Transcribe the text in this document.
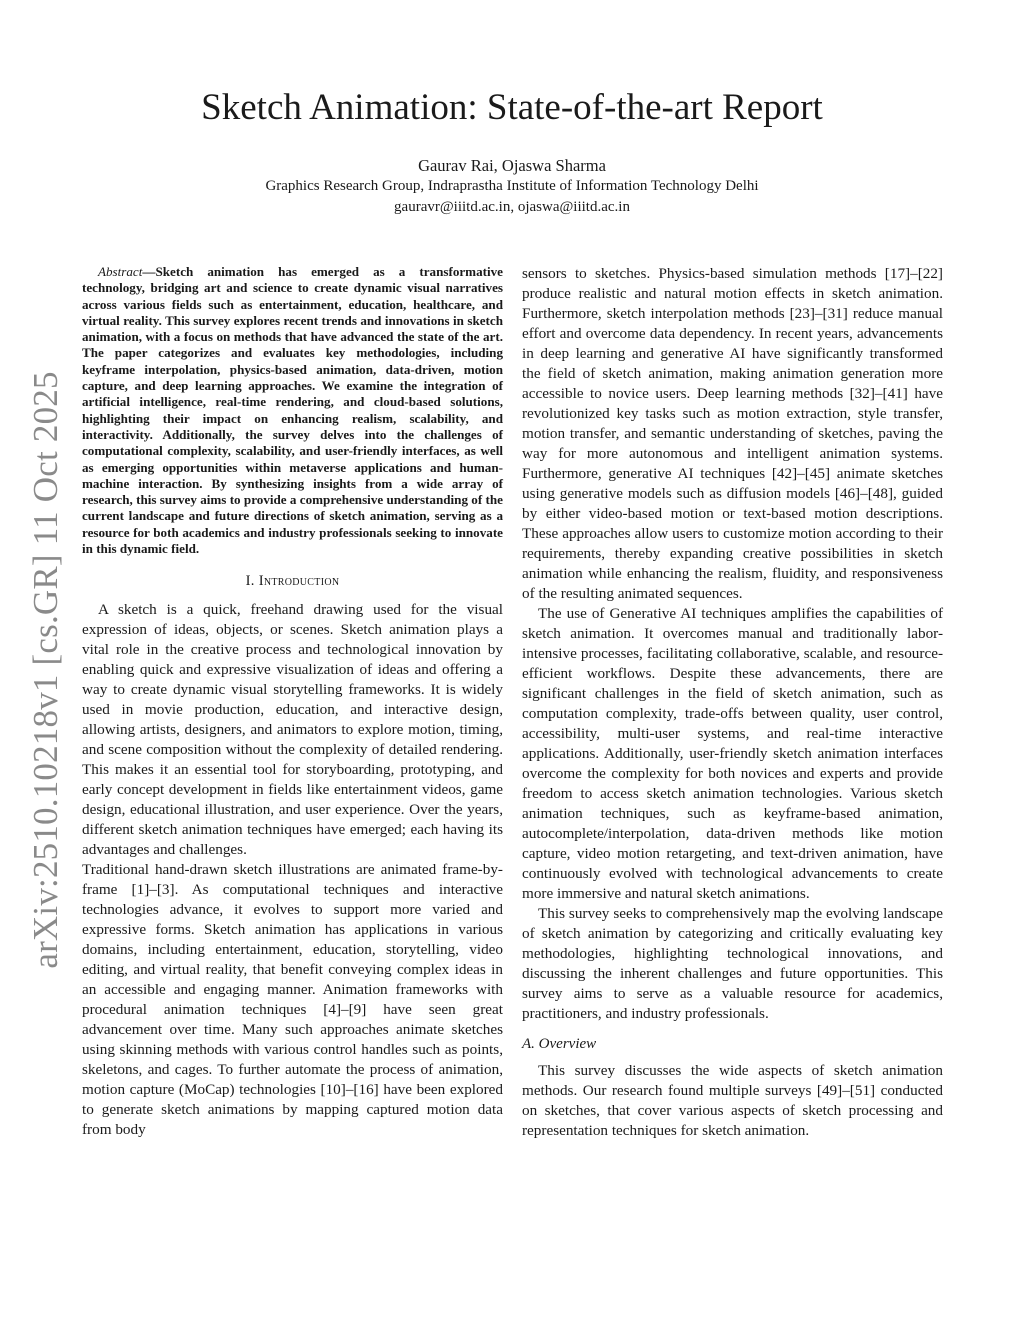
arXiv:2510.10218v1 [cs.GR] 11 Oct 2025
Sketch Animation: State-of-the-art Report
Gaurav Rai, Ojaswa Sharma
Graphics Research Group, Indraprastha Institute of Information Technology Delhi
gauravr@iiitd.ac.in, ojaswa@iiitd.ac.in

Abstract—Sketch animation has emerged as a transformative technology, bridging art and science to create dynamic visual narratives across various fields such as entertainment, education, healthcare, and virtual reality. This survey explores recent trends and innovations in sketch animation, with a focus on methods that have advanced the state of the art. The paper categorizes and evaluates key methodologies, including keyframe interpolation, physics-based animation, data-driven, motion capture, and deep learning approaches. We examine the integration of artificial intelligence, real-time rendering, and cloud-based solutions, highlighting their impact on enhancing realism, scalability, and interactivity. Additionally, the survey delves into the challenges of computational complexity, scalability, and user-friendly interfaces, as well as emerging opportunities within metaverse applications and human-machine interaction. By synthesizing insights from a wide array of research, this survey aims to provide a comprehensive understanding of the current landscape and future directions of sketch animation, serving as a resource for both academics and industry professionals seeking to innovate in this dynamic field.

I. Introduction

A sketch is a quick, freehand drawing used for the visual expression of ideas, objects, or scenes. Sketch animation plays a vital role in the creative process and technological innovation by enabling quick and expressive visualization of ideas and offering a way to create dynamic visual storytelling frameworks. It is widely used in movie production, education, and interactive design, allowing artists, designers, and animators to explore motion, timing, and scene composition without the complexity of detailed rendering. This makes it an essential tool for storyboarding, prototyping, and early concept development in fields like entertainment videos, game design, educational illustration, and user experience. Over the years, different sketch animation techniques have emerged; each having its advantages and challenges.

Traditional hand-drawn sketch illustrations are animated frame-by-frame [1]–[3]. As computational techniques and interactive technologies advance, it evolves to support more varied and expressive forms. Sketch animation has applications in various domains, including entertainment, education, storytelling, video editing, and virtual reality, that benefit conveying complex ideas in an accessible and engaging manner. Animation frameworks with procedural animation techniques [4]–[9] have seen great advancement over time. Many such approaches animate sketches using skinning methods with various control handles such as points, skeletons, and cages. To further automate the process of animation, motion capture (MoCap) technologies [10]–[16] have been explored to generate sketch animations by mapping captured motion data from body

sensors to sketches. Physics-based simulation methods [17]–[22] produce realistic and natural motion effects in sketch animation. Furthermore, sketch interpolation methods [23]–[31] reduce manual effort and overcome data dependency. In recent years, advancements in deep learning and generative AI have significantly transformed the field of sketch animation, making animation generation more accessible to novice users. Deep learning methods [32]–[41] have revolutionized key tasks such as motion extraction, style transfer, motion transfer, and semantic understanding of sketches, paving the way for more autonomous and intelligent animation systems. Furthermore, generative AI techniques [42]–[45] animate sketches using generative models such as diffusion models [46]–[48], guided by either video-based motion or text-based motion descriptions. These approaches allow users to customize motion according to their requirements, thereby expanding creative possibilities in sketch animation while enhancing the realism, fluidity, and responsiveness of the resulting animated sequences.

The use of Generative AI techniques amplifies the capabilities of sketch animation. It overcomes manual and traditionally labor-intensive processes, facilitating collaborative, scalable, and resource-efficient workflows. Despite these advancements, there are significant challenges in the field of sketch animation, such as computation complexity, trade-offs between quality, user control, accessibility, multi-user systems, and real-time interactive applications. Additionally, user-friendly sketch animation interfaces overcome the complexity for both novices and experts and provide freedom to access sketch animation technologies. Various sketch animation techniques, such as keyframe-based animation, autocomplete/interpolation, data-driven methods like motion capture, video motion retargeting, and text-driven animation, have continuously evolved with technological advancements to create more immersive and natural sketch animations.

This survey seeks to comprehensively map the evolving landscape of sketch animation by categorizing and critically evaluating key methodologies, highlighting technological innovations, and discussing the inherent challenges and future opportunities. This survey aims to serve as a valuable resource for academics, practitioners, and industry professionals.

A. Overview

This survey discusses the wide aspects of sketch animation methods. Our research found multiple surveys [49]–[51] conducted on sketches, that cover various aspects of sketch processing and representation techniques for sketch animation.
